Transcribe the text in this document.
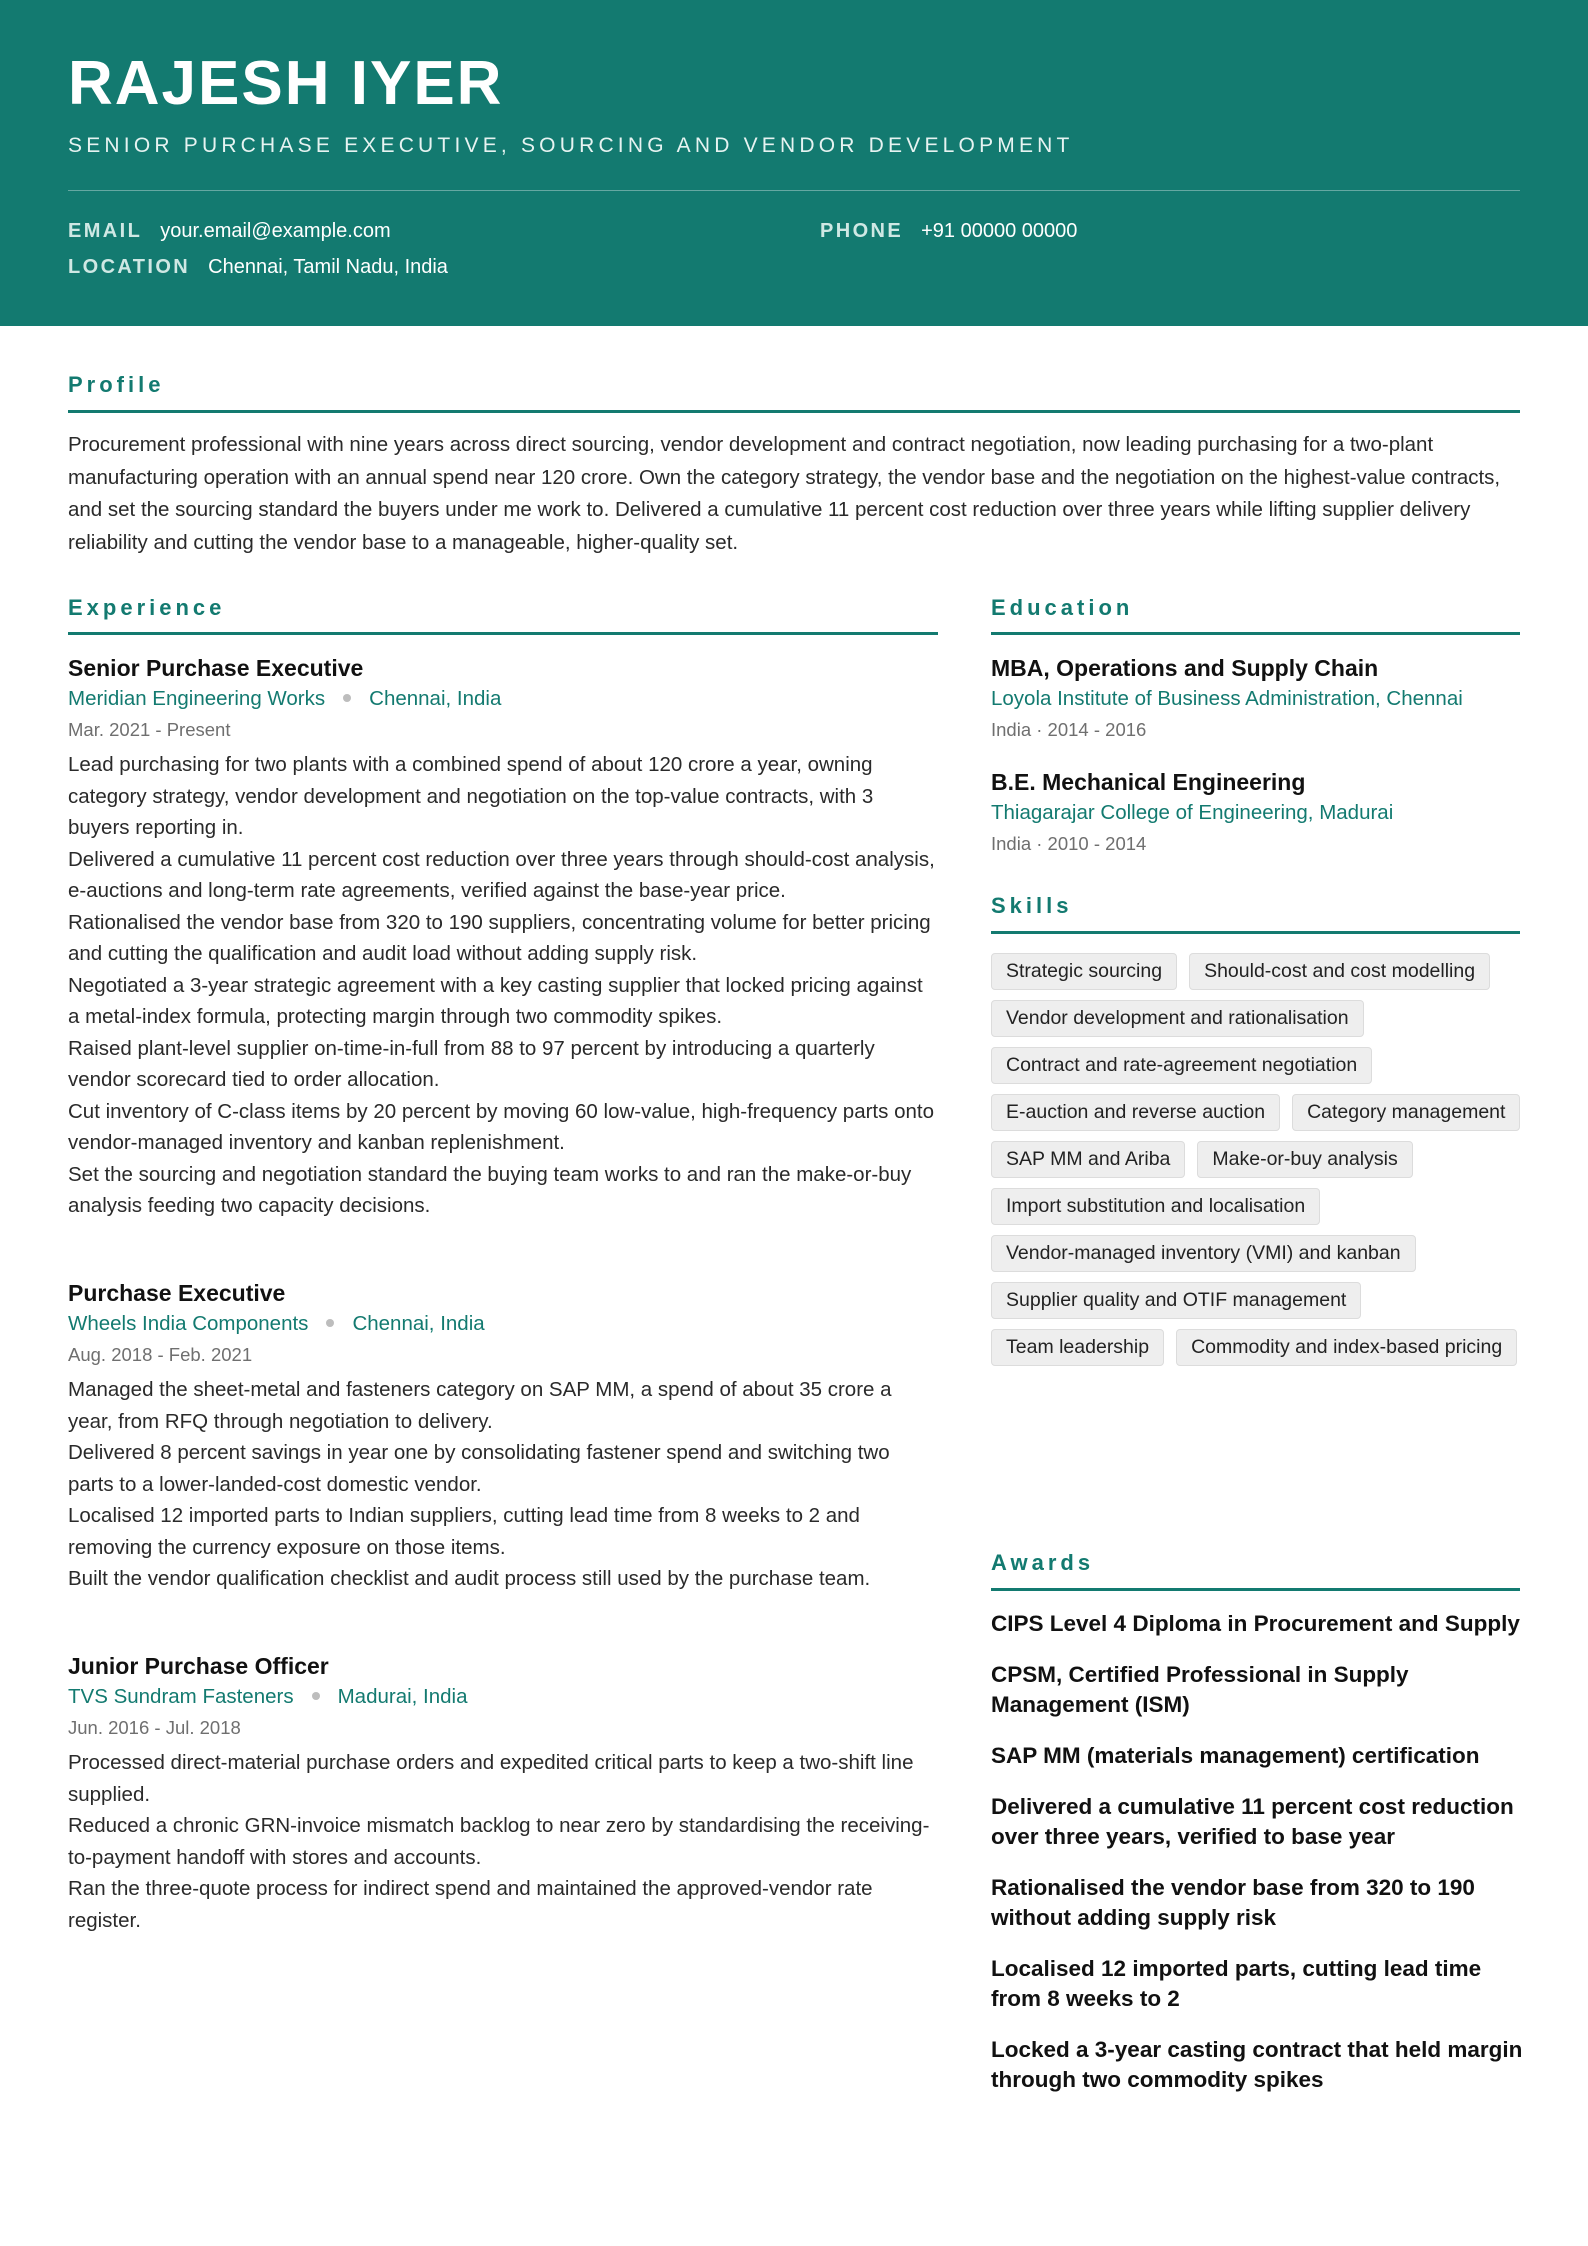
RAJESH IYER
SENIOR PURCHASE EXECUTIVE, SOURCING AND VENDOR DEVELOPMENT
EMAIL your.email@example.com	PHONE +91 00000 00000
LOCATION Chennai, Tamil Nadu, India
Profile
Procurement professional with nine years across direct sourcing, vendor development and contract negotiation, now leading purchasing for a two-plant manufacturing operation with an annual spend near 120 crore. Own the category strategy, the vendor base and the negotiation on the highest-value contracts, and set the sourcing standard the buyers under me work to. Delivered a cumulative 11 percent cost reduction over three years while lifting supplier delivery reliability and cutting the vendor base to a manageable, higher-quality set.
Experience
Senior Purchase Executive
Meridian Engineering Works Chennai, India
Mar. 2021 - Present
Lead purchasing for two plants with a combined spend of about 120 crore a year, owning category strategy, vendor development and negotiation on the top-value contracts, with 3 buyers reporting in.
Delivered a cumulative 11 percent cost reduction over three years through should-cost analysis, e-auctions and long-term rate agreements, verified against the base-year price.
Rationalised the vendor base from 320 to 190 suppliers, concentrating volume for better pricing and cutting the qualification and audit load without adding supply risk.
Negotiated a 3-year strategic agreement with a key casting supplier that locked pricing against a metal-index formula, protecting margin through two commodity spikes.
Raised plant-level supplier on-time-in-full from 88 to 97 percent by introducing a quarterly vendor scorecard tied to order allocation.
Cut inventory of C-class items by 20 percent by moving 60 low-value, high-frequency parts onto vendor-managed inventory and kanban replenishment.
Set the sourcing and negotiation standard the buying team works to and ran the make-or-buy analysis feeding two capacity decisions.
Purchase Executive
Wheels India Components Chennai, India
Aug. 2018 - Feb. 2021
Managed the sheet-metal and fasteners category on SAP MM, a spend of about 35 crore a year, from RFQ through negotiation to delivery.
Delivered 8 percent savings in year one by consolidating fastener spend and switching two parts to a lower-landed-cost domestic vendor.
Localised 12 imported parts to Indian suppliers, cutting lead time from 8 weeks to 2 and removing the currency exposure on those items.
Built the vendor qualification checklist and audit process still used by the purchase team.
Junior Purchase Officer
TVS Sundram Fasteners Madurai, India
Jun. 2016 - Jul. 2018
Processed direct-material purchase orders and expedited critical parts to keep a two-shift line supplied.
Reduced a chronic GRN-invoice mismatch backlog to near zero by standardising the receiving-to-payment handoff with stores and accounts.
Ran the three-quote process for indirect spend and maintained the approved-vendor rate register.
Education
MBA, Operations and Supply Chain
Loyola Institute of Business Administration, Chennai
India · 2014 - 2016
B.E. Mechanical Engineering
Thiagarajar College of Engineering, Madurai
India · 2010 - 2014
Skills
Strategic sourcing	Should-cost and cost modelling
Vendor development and rationalisation
Contract and rate-agreement negotiation
E-auction and reverse auction	Category management
SAP MM and Ariba	Make-or-buy analysis
Import substitution and localisation
Vendor-managed inventory (VMI) and kanban
Supplier quality and OTIF management
Team leadership	Commodity and index-based pricing
Awards
CIPS Level 4 Diploma in Procurement and Supply
CPSM, Certified Professional in Supply Management (ISM)
SAP MM (materials management) certification
Delivered a cumulative 11 percent cost reduction over three years, verified to base year
Rationalised the vendor base from 320 to 190 without adding supply risk
Localised 12 imported parts, cutting lead time from 8 weeks to 2
Locked a 3-year casting contract that held margin through two commodity spikes
